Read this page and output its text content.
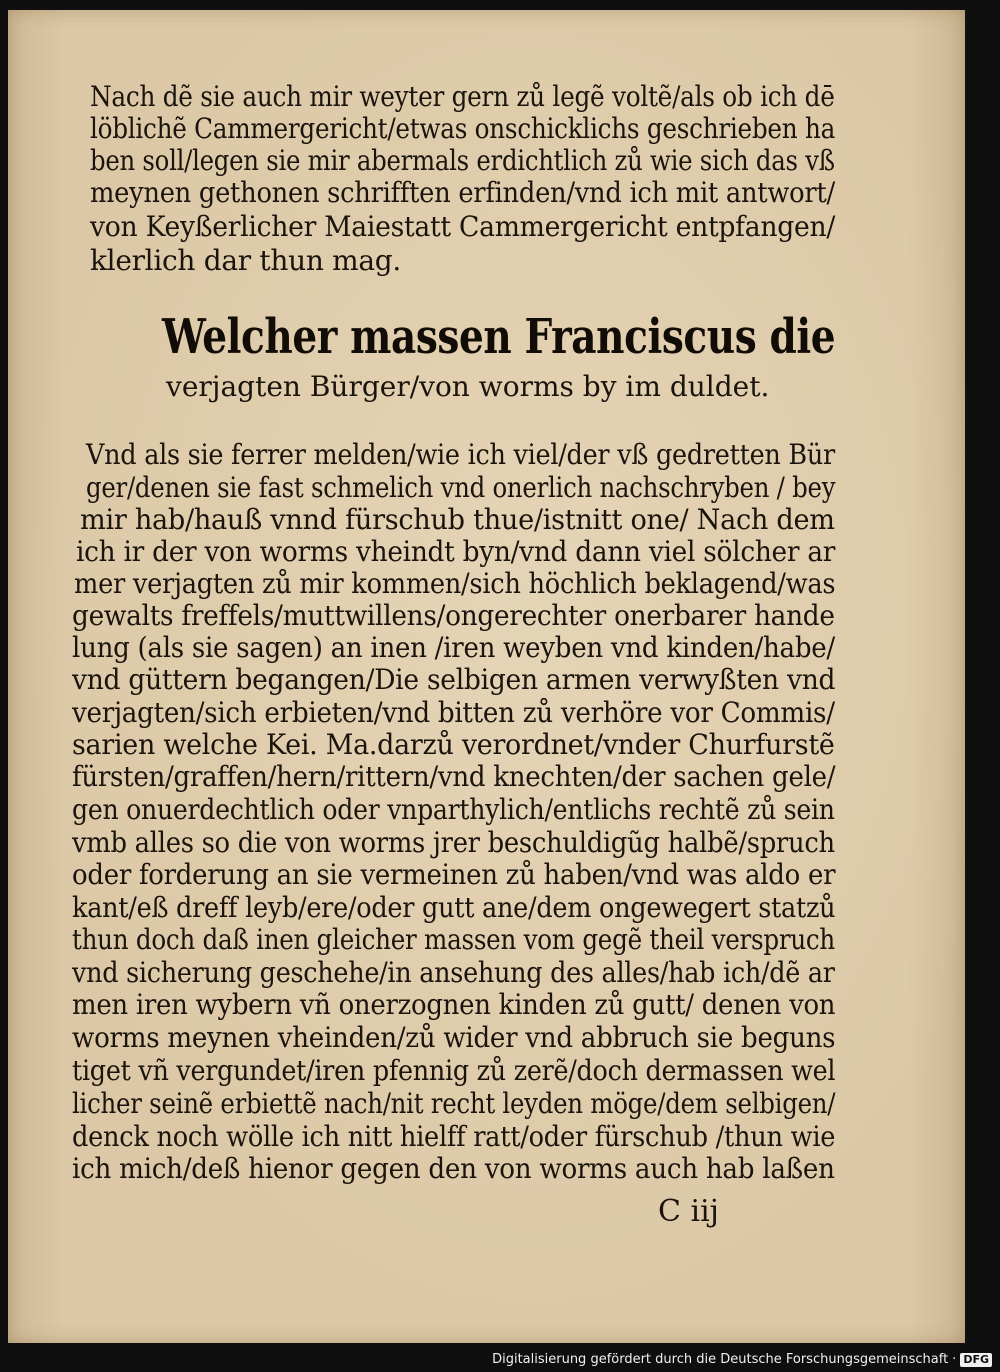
Nach dẽ sie auch mir weyter gern zů legẽ voltẽ/als ob ich dē
löblichẽ Cammergericht/etwas onschicklichs geschrieben ha
ben soll/legen sie mir abermals erdichtlich zů wie sich das vß
meynen gethonen schrifften erfinden/vnd ich mit antwort/
von Keyßerlicher Maiestatt Cammergericht entpfangen/
klerlich dar thun mag.
Welcher massen Franciscus die
verjagten Bürger/von worms by im duldet.
Vnd als sie ferrer melden/wie ich viel/der vß gedretten Bür
ger/denen sie fast schmelich vnd onerlich nachschryben / bey
mir hab/hauß vnnd fürschub thue/istnitt one/ Nach dem
ich ir der von worms vheindt byn/vnd dann viel sölcher ar
mer verjagten zů mir kommen/sich höchlich beklagend/was
gewalts freffels/muttwillens/ongerechter onerbarer hande
lung (als sie sagen) an inen /iren weyben vnd kinden/habe/
vnd güttern begangen/Die selbigen armen verwyßten vnd
verjagten/sich erbieten/vnd bitten zů verhöre vor Commis/
sarien welche Kei. Ma.darzů verordnet/vnder Churfurstẽ
fürsten/graffen/hern/rittern/vnd knechten/der sachen gele/
gen onuerdechtlich oder vnparthylich/entlichs rechtẽ zů sein
vmb alles so die von worms jrer beschuldigũg halbẽ/spruch
oder forderung an sie vermeinen zů haben/vnd was aldo er
kant/eß dreff leyb/ere/oder gutt ane/dem ongewegert statzů
thun doch daß inen gleicher massen vom gegẽ theil verspruch
vnd sicherung geschehe/in ansehung des alles/hab ich/dẽ ar
men iren wybern vñ onerzognen kinden zů gutt/ denen von
worms meynen vheinden/zů wider vnd abbruch sie beguns
tiget vñ vergundet/iren pfennig zů zerẽ/doch dermassen wel
licher seinẽ erbiettẽ nach/nit recht leyden möge/dem selbigen/
denck noch wölle ich nitt hielff ratt/oder fürschub /thun wie
ich mich/deß hienor gegen den von worms auch hab laßen
C iij
Digitalisierung gefördert durch die Deutsche Forschungsgemeinschaft · DFG
